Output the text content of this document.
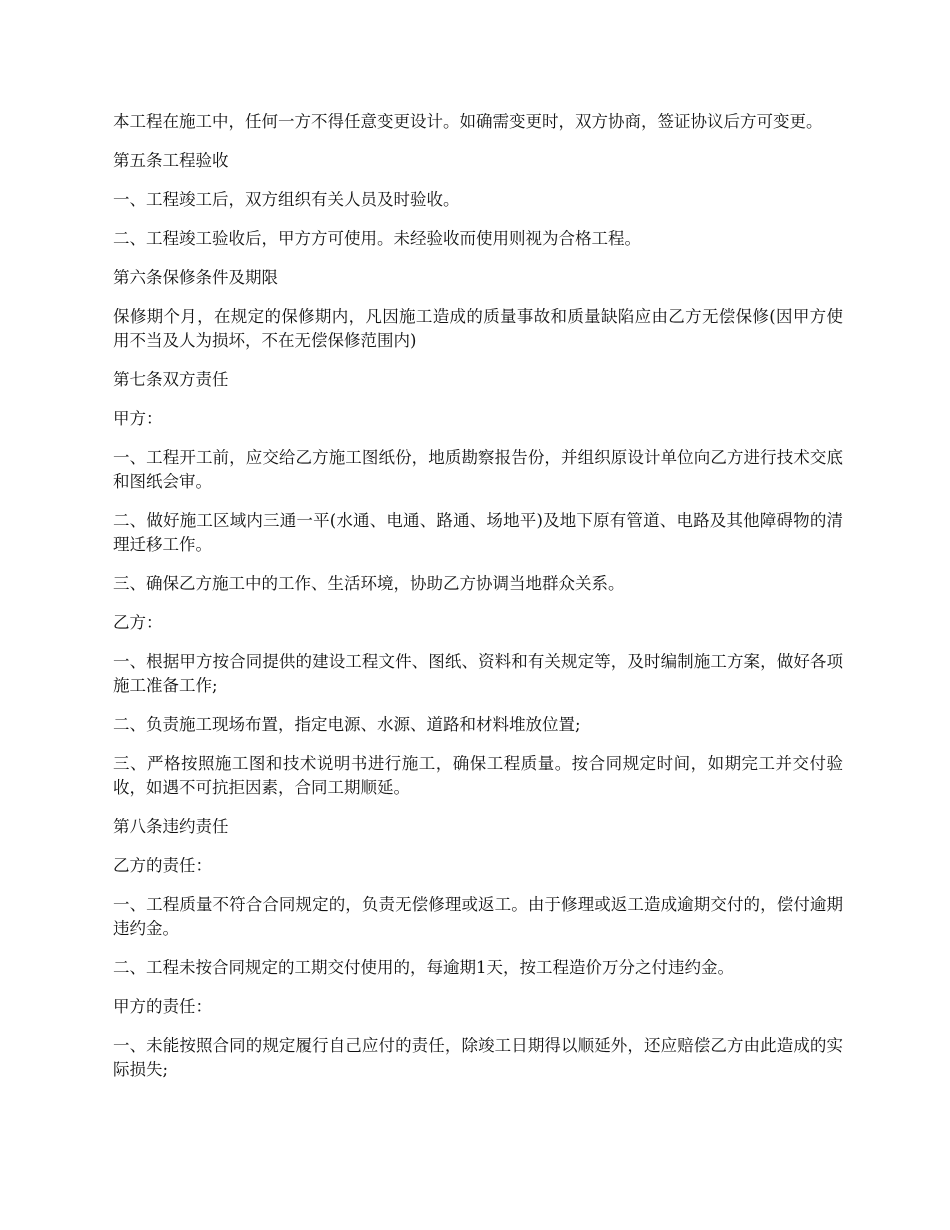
本工程在施工中，任何一方不得任意变更设计。如确需变更时，双方协商，签证协议后方可变更。

第五条工程验收

一、工程竣工后，双方组织有关人员及时验收。

二、工程竣工验收后，甲方方可使用。未经验收而使用则视为合格工程。

第六条保修条件及期限

保修期个月，在规定的保修期内，凡因施工造成的质量事故和质量缺陷应由乙方无偿保修(因甲方使用不当及人为损坏，不在无偿保修范围内)

第七条双方责任

甲方：

一、工程开工前，应交给乙方施工图纸份，地质勘察报告份，并组织原设计单位向乙方进行技术交底和图纸会审。

二、做好施工区域内三通一平(水通、电通、路通、场地平)及地下原有管道、电路及其他障碍物的清理迁移工作。

三、确保乙方施工中的工作、生活环境，协助乙方协调当地群众关系。

乙方：

一、根据甲方按合同提供的建设工程文件、图纸、资料和有关规定等，及时编制施工方案，做好各项施工准备工作;

二、负责施工现场布置，指定电源、水源、道路和材料堆放位置;

三、严格按照施工图和技术说明书进行施工，确保工程质量。按合同规定时间，如期完工并交付验收，如遇不可抗拒因素，合同工期顺延。

第八条违约责任

乙方的责任：

一、工程质量不符合合同规定的，负责无偿修理或返工。由于修理或返工造成逾期交付的，偿付逾期违约金。

二、工程未按合同规定的工期交付使用的，每逾期1天，按工程造价万分之付违约金。

甲方的责任：

一、未能按照合同的规定履行自己应付的责任，除竣工日期得以顺延外，还应赔偿乙方由此造成的实际损失;
